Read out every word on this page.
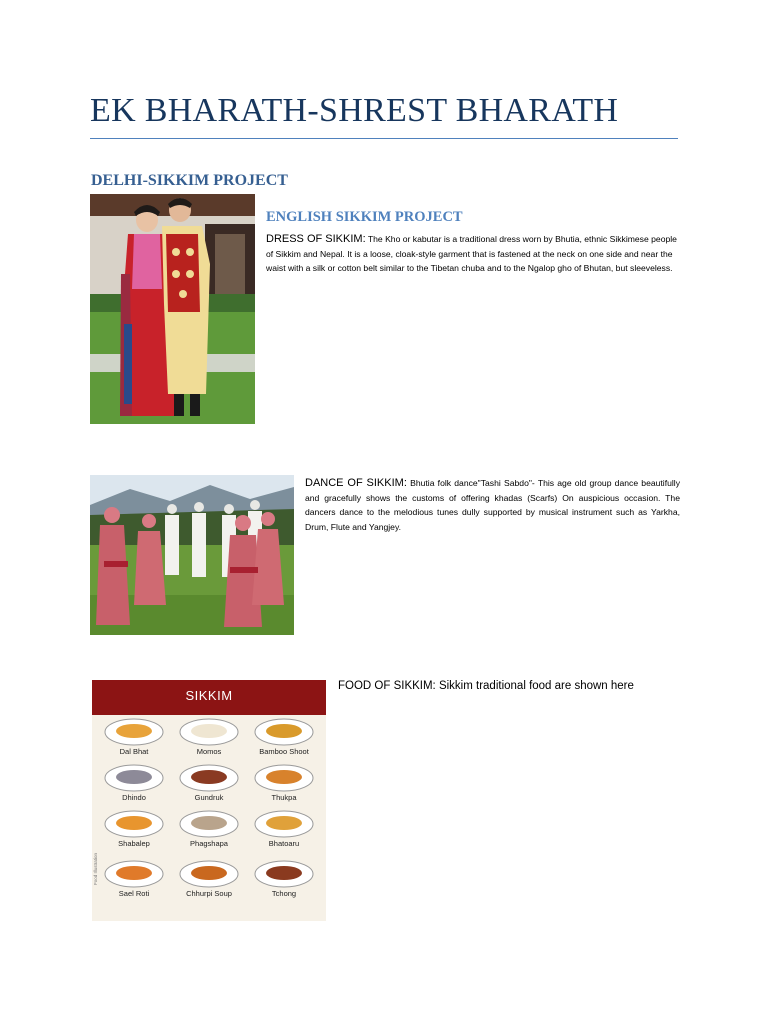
EK BHARATH-SHREST BHARATH
DELHI-SIKKIM PROJECT
ENGLISH SIKKIM PROJECT
DRESS OF SIKKIM: The Kho or kabutar is a traditional dress worn by Bhutia, ethnic Sikkimese people of Sikkim and Nepal. It is a loose, cloak-style garment that is fastened at the neck on one side and near the waist with a silk or cotton belt similar to the Tibetan chuba and to the Ngalop gho of Bhutan, but sleeveless.
DANCE OF SIKKIM: Bhutia folk dance"Tashi Sabdo"- This age old group dance beautifully and gracefully shows the customs of offering khadas (Scarfs) On auspicious occasion. The dancers dance to the melodious tunes dully supported by musical instrument such as Yarkha, Drum, Flute and Yangjey.
SIKKIM
Food Illustration
Dal Bhat	Momos	Bamboo Shoot
Dhindo	Gundruk	Thukpa
Shabalep	Phagshapa	Bhatoaru
Sael Roti	Chhurpi Soup	Tchong
FOOD OF SIKKIM: Sikkim traditional food are shown here
